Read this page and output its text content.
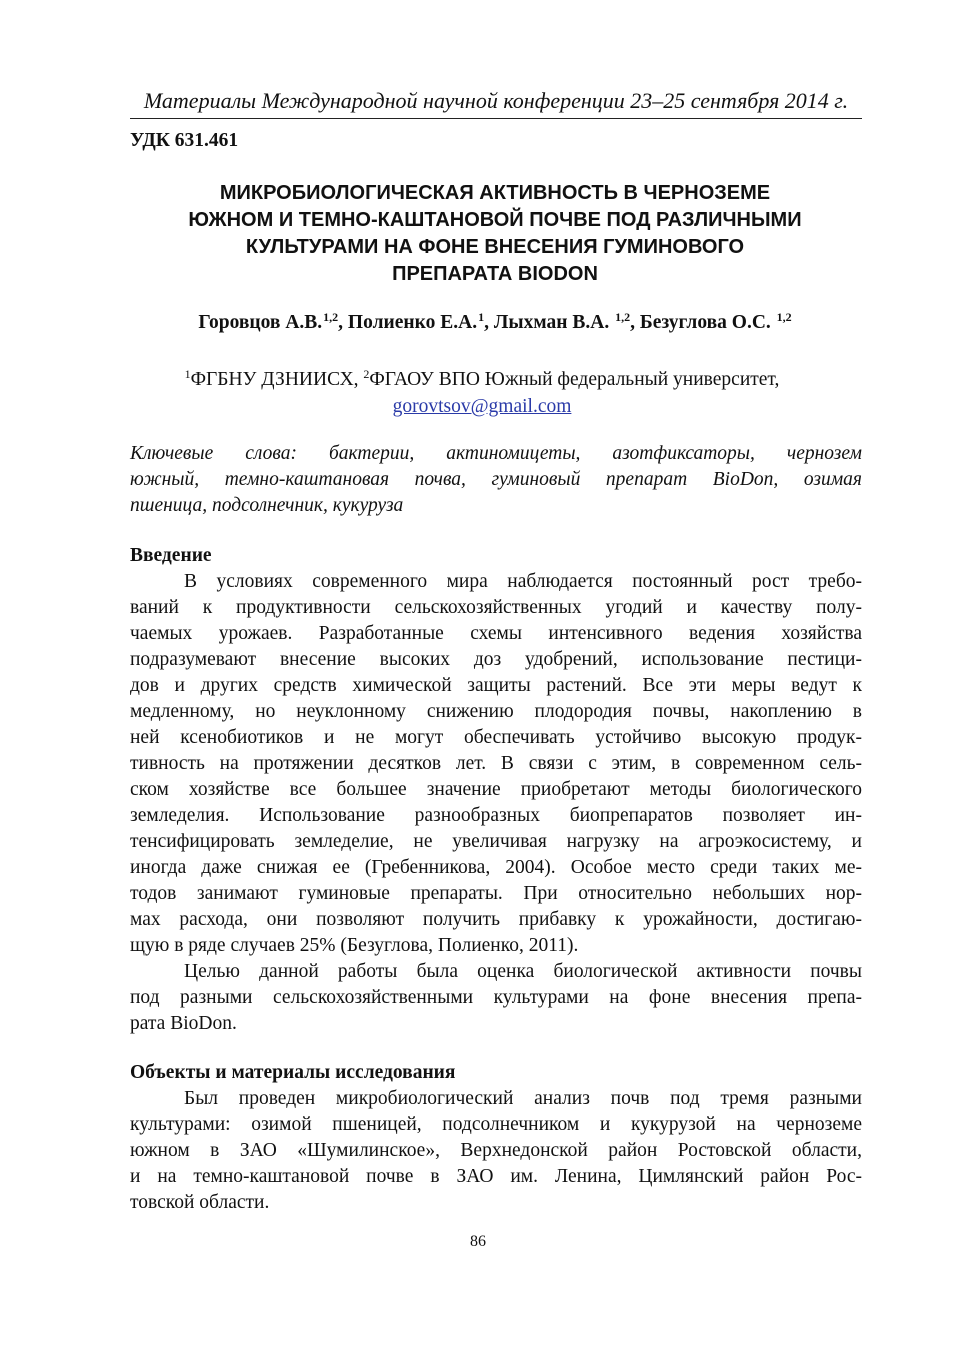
Материалы Международной научной конференции 23–25 сентября 2014 г.
УДК 631.461
МИКРОБИОЛОГИЧЕСКАЯ АКТИВНОСТЬ В ЧЕРНОЗЕМЕ
ЮЖНОМ И ТЕМНО-КАШТАНОВОЙ ПОЧВЕ ПОД РАЗЛИЧНЫМИ
КУЛЬТУРАМИ НА ФОНЕ ВНЕСЕНИЯ ГУМИНОВОГО
ПРЕПАРАТА BIODON
Горовцов А.В.$^{1,2}$, Полиенко Е.А.$^1$, Лыхман В.А. $^{1,2}$, Безуглова О.С. $^{1,2}$
$^1$ФГБНУ ДЗНИИСХ, $^2$ФГАОУ ВПО Южный федеральный университет,
gorovtsov@gmail.com
Ключевые слова: бактерии, актиномицеты, азотфиксаторы, чернозем
южный, темно-каштановая почва, гуминовый препарат BioDon, озимая
пшеница, подсолнечник, кукуруза
Введение
В условиях современного мира наблюдается постоянный рост требо-
ваний к продуктивности сельскохозяйственных угодий и качеству полу-
чаемых урожаев. Разработанные схемы интенсивного ведения хозяйства
подразумевают внесение высоких доз удобрений, использование пестици-
дов и других средств химической защиты растений. Все эти меры ведут к
медленному, но неуклонному снижению плодородия почвы, накоплению в
ней ксенобиотиков и не могут обеспечивать устойчиво высокую продук-
тивность на протяжении десятков лет. В связи с этим, в современном сель-
ском хозяйстве все большее значение приобретают методы биологического
земледелия. Использование разнообразных биопрепаратов позволяет ин-
тенсифицировать земледелие, не увеличивая нагрузку на агроэкосистему, и
иногда даже снижая ее (Гребенникова, 2004). Особое место среди таких ме-
тодов занимают гуминовые препараты. При относительно небольших нор-
мах расхода, они позволяют получить прибавку к урожайности, достигаю-
щую в ряде случаев 25% (Безуглова, Полиенко, 2011).
Целью данной работы была оценка биологической активности почвы
под разными сельскохозяйственными культурами на фоне внесения препа-
рата BioDon.
Объекты и материалы исследования
Был проведен микробиологический анализ почв под тремя разными
культурами: озимой пшеницей, подсолнечником и кукурузой на черноземе
южном в ЗАО «Шумилинское», Верхнедонской район Ростовской области,
и на темно-каштановой почве в ЗАО им. Ленина, Цимлянский район Рос-
товской области.
86
